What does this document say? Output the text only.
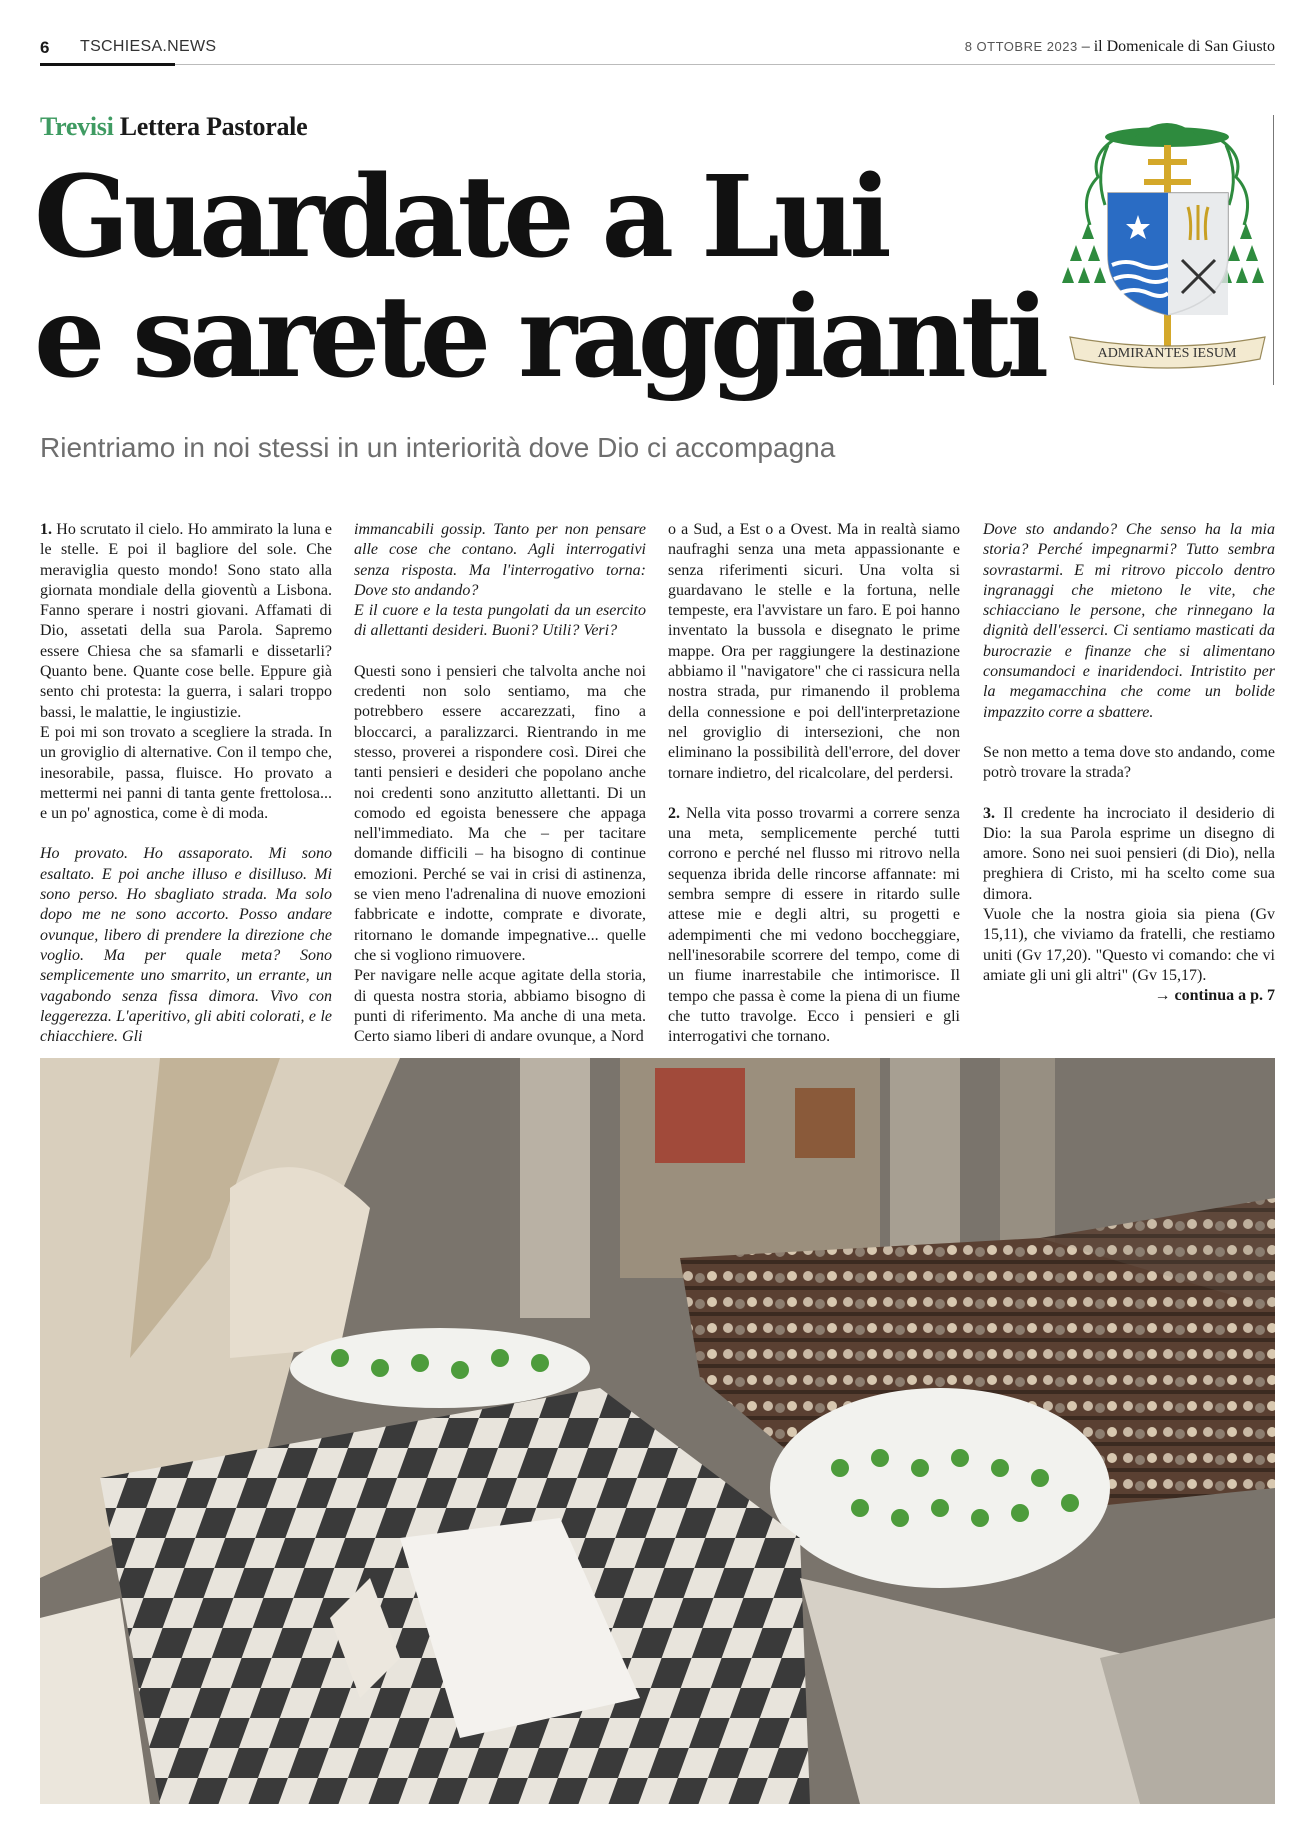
6 TSCHIESA.NEWS	8 OTTOBRE 2023 – il Domenicale di San Giusto
Trevisi Lettera Pastorale
Guardate a Lui
e sarete raggianti
Rientriamo in noi stessi in un interiorità dove Dio ci accompagna
ADMIRANTES IESUM

1. Ho scrutato il cielo. Ho ammirato la luna e le stelle. E poi il bagliore del sole. Che meraviglia questo mondo! Sono stato alla giornata mondiale della gioventù a Lisbona. Fanno sperare i nostri giovani. Affamati di Dio, assetati della sua Parola. Sapremo essere Chiesa che sa sfamarli e dissetarli? Quanto bene. Quante cose belle. Eppure già sento chi protesta: la guerra, i salari troppo bassi, le malattie, le ingiustizie.

E poi mi son trovato a scegliere la strada. In un groviglio di alternative. Con il tempo che, inesorabile, passa, fluisce. Ho provato a mettermi nei panni di tanta gente frettolosa... e un po' agnostica, come è di moda.

Ho provato. Ho assaporato. Mi sono esaltato. E poi anche illuso e disilluso. Mi sono perso. Ho sbagliato strada. Ma solo dopo me ne sono accorto. Posso andare ovunque, libero di prendere la direzione che voglio. Ma per quale meta? Sono semplicemente uno smarrito, un errante, un vagabondo senza fissa dimora. Vivo con leggerezza. L'aperitivo, gli abiti colorati, e le chiacchiere. Gli

immancabili gossip. Tanto per non pensare alle cose che contano. Agli interrogativi senza risposta. Ma l'interrogativo torna: Dove sto andando?

E il cuore e la testa pungolati da un esercito di allettanti desideri. Buoni? Utili? Veri?

Questi sono i pensieri che talvolta anche noi credenti non solo sentiamo, ma che potrebbero essere accarezzati, fino a bloccarci, a paralizzarci. Rientrando in me stesso, proverei a rispondere così. Direi che tanti pensieri e desideri che popolano anche noi credenti sono anzitutto allettanti. Di un comodo ed egoista benessere che appaga nell'immediato. Ma che – per tacitare domande difficili – ha bisogno di continue emozioni. Perché se vai in crisi di astinenza, se vien meno l'adrenalina di nuove emozioni fabbricate e indotte, comprate e divorate, ritornano le domande impegnative... quelle che si vogliono rimuovere.

Per navigare nelle acque agitate della storia, di questa nostra storia, abbiamo bisogno di punti di riferimento. Ma anche di una meta. Certo siamo liberi di andare ovunque, a Nord

o a Sud, a Est o a Ovest. Ma in realtà siamo naufraghi senza una meta appassionante e senza riferimenti sicuri. Una volta si guardavano le stelle e la fortuna, nelle tempeste, era l'avvistare un faro. E poi hanno inventato la bussola e disegnato le prime mappe. Ora per raggiungere la destinazione abbiamo il "navigatore" che ci rassicura nella nostra strada, pur rimanendo il problema della connessione e poi dell'interpretazione nel groviglio di intersezioni, che non eliminano la possibilità dell'errore, del dover tornare indietro, del ricalcolare, del perdersi.

2. Nella vita posso trovarmi a correre senza una meta, semplicemente perché tutti corrono e perché nel flusso mi ritrovo nella sequenza ibrida delle rincorse affannate: mi sembra sempre di essere in ritardo sulle attese mie e degli altri, su progetti e adempimenti che mi vedono boccheggiare, nell'inesorabile scorrere del tempo, come di un fiume inarrestabile che intimorisce. Il tempo che passa è come la piena di un fiume che tutto travolge. Ecco i pensieri e gli interrogativi che tornano.

Dove sto andando? Che senso ha la mia storia? Perché impegnarmi? Tutto sembra sovrastarmi. E mi ritrovo piccolo dentro ingranaggi che mietono le vite, che schiacciano le persone, che rinnegano la dignità dell'esserci. Ci sentiamo masticati da burocrazie e finanze che si alimentano consumandoci e inaridendoci. Intristito per la megamacchina che come un bolide impazzito corre a sbattere.

Se non metto a tema dove sto andando, come potrò trovare la strada?

3. Il credente ha incrociato il desiderio di Dio: la sua Parola esprime un disegno di amore. Sono nei suoi pensieri (di Dio), nella preghiera di Cristo, mi ha scelto come sua dimora.

Vuole che la nostra gioia sia piena (Gv 15,11), che viviamo da fratelli, che restiamo uniti (Gv 17,20). "Questo vi comando: che vi amiate gli uni gli altri" (Gv 15,17).

→ continua a p. 7
